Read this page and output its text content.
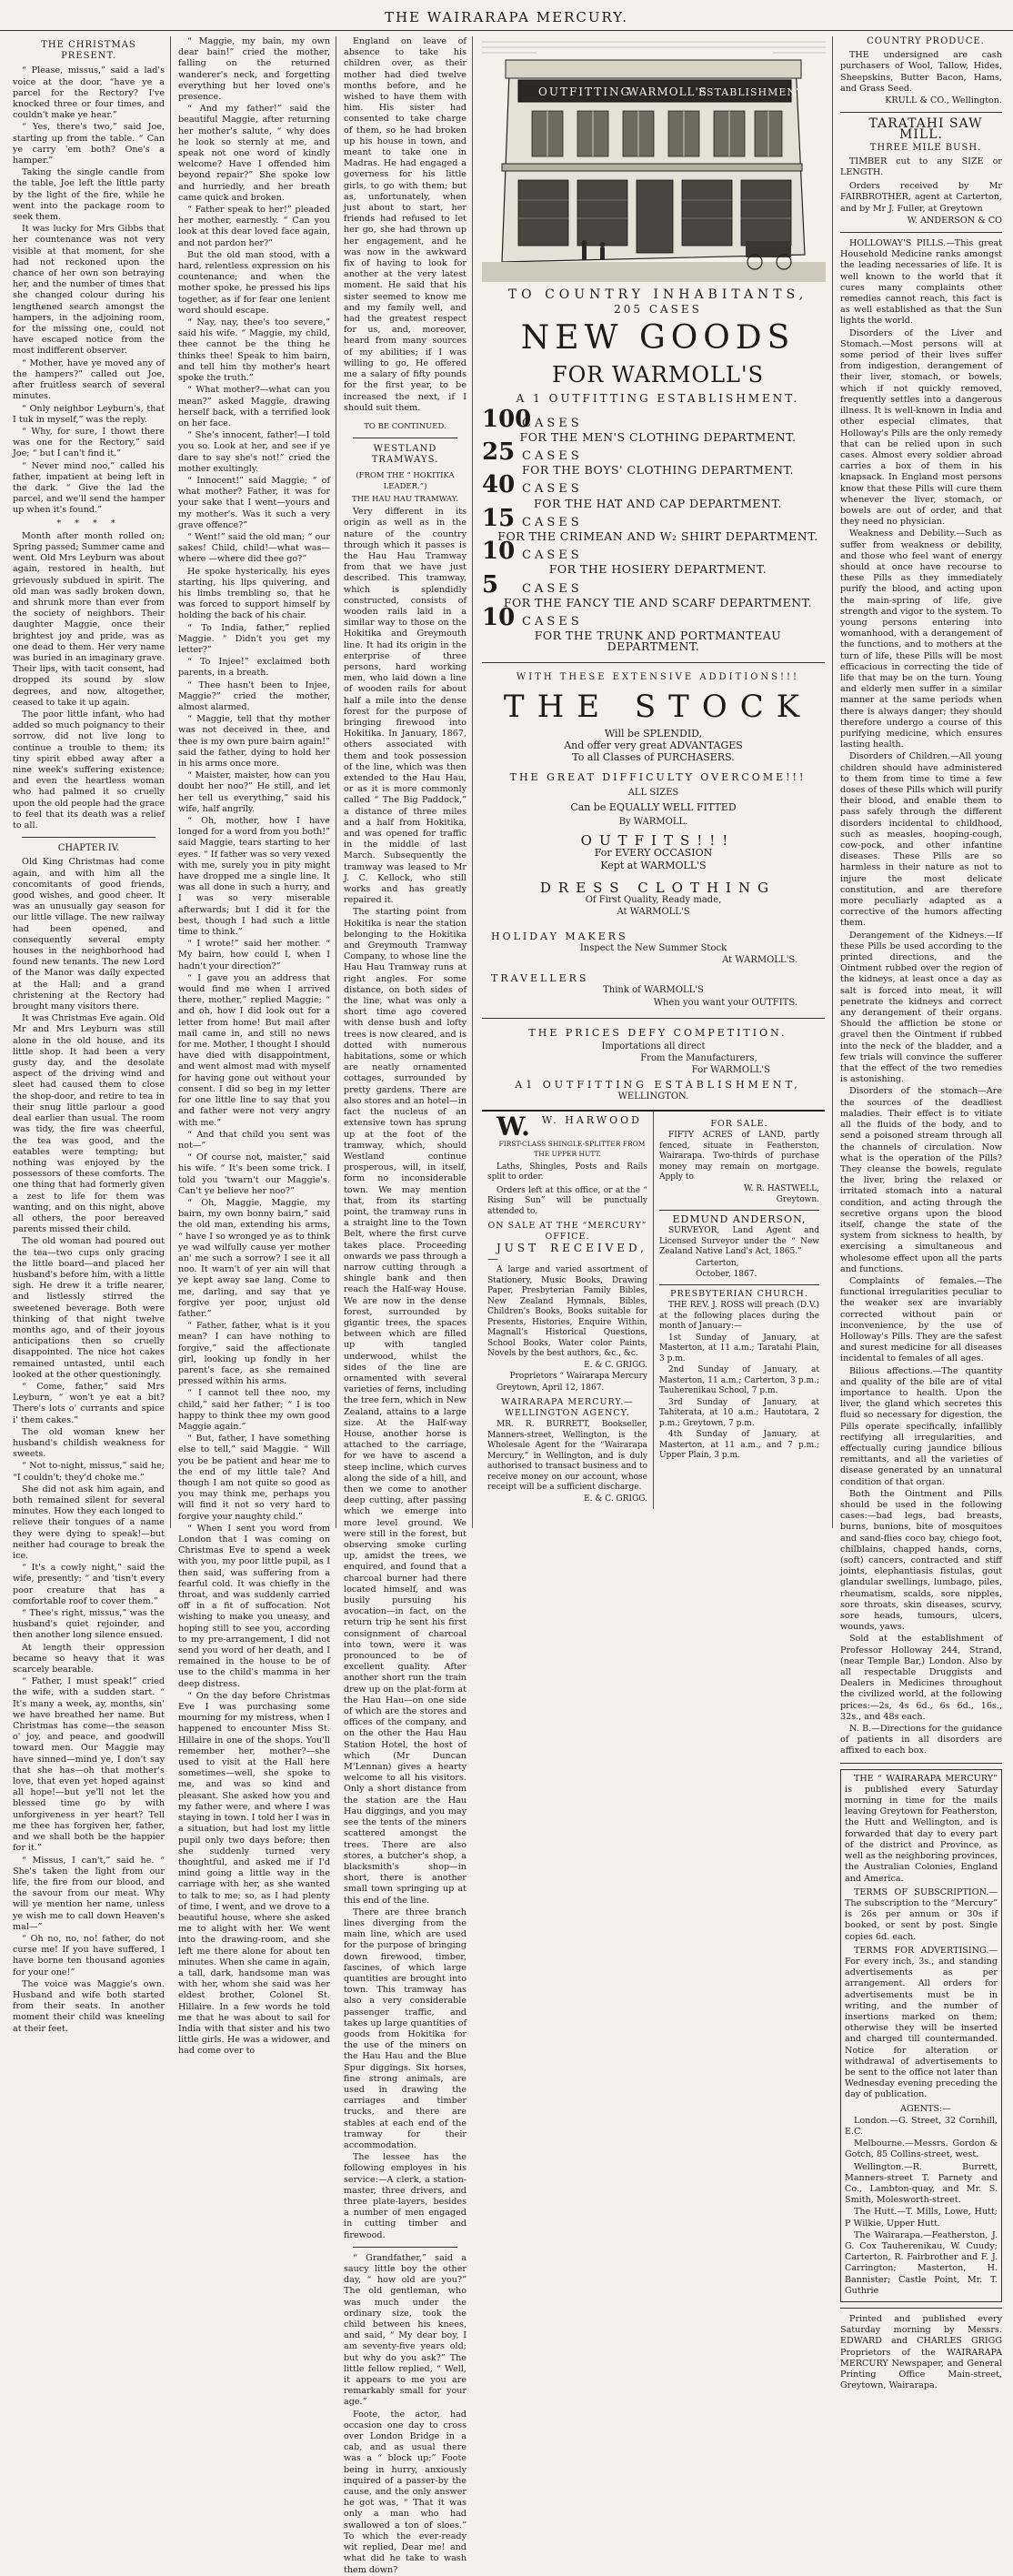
THE WAIRARAPA MERCURY.
THE CHRISTMAS PRESENT.

“ Please, missus,” said a lad's voice at the door, “have ye a parcel for the Rectory? I've knocked three or four times, and couldn't make ye hear.”

“ Yes, there's two,” said Joe, starting up from the table. “ Can ye carry 'em both? One's a hamper.”

Taking the single candle from the table, Joe left the little party by the light of the fire, while he went into the package room to seek them.

It was lucky for Mrs Gibbs that her countenance was not very visible at that moment, for she had not reckoned upon the chance of her own son betraying her, and the number of times that she changed colour during his lengthened search amongst the hampers, in the adjoining room, for the missing one, could not have escaped notice from the most indifferent observer.

“ Mother, have ye moved any of the hampers?” called out Joe, after fruitless search of several minutes.

“ Only neighbor Leyburn's, that I tuk in myself,” was the reply.

“ Why, for sure, I thowt there was one for the Rectory,” said Joe; “ but I can't find it.”

“ Never mind noo,” called his father, impatient at being left in the dark. “ Give the lad the parcel, and we'll send the hamper up when it's found.”

* * * *

Month after month rolled on; Spring passed; Summer came and went. Old Mrs Leyburn was about again, restored in health, but grievously subdued in spirit. The old man was sadly broken down, and shrunk more than ever from the society of neighbors. Their daughter Maggie, once their brightest joy and pride, was as one dead to them. Her very name was buried in an imaginary grave. Their lips, with tacit consent, had dropped its sound by slow degrees, and now, altogether, ceased to take it up again.

The poor little infant, who had added so much poignancy to their sorrow, did not live long to continue a trouble to them; its tiny spirit ebbed away after a nine week's suffering existence; and even the heartless woman who had palmed it so cruelly upon the old people had the grace to feel that its death was a relief to all.

CHAPTER IV.

Old King Christmas had come again, and with him all the concomitants of good friends, good wishes, and good cheer. It was an unusually gay season for our little village. The new railway had been opened, and consequently several empty houses in the neighborhood had found new tenants. The new Lord of the Manor was daily expected at the Hall; and a grand christening at the Rectory had brought many visitors there.

It was Christmas Eve again. Old Mr and Mrs Leyburn was still alone in the old house, and its little shop. It had been a very gusty day, and the desolate aspect of the driving wind and sleet had caused them to close the shop-door, and retire to tea in their snug little parlour a good deal earlier than usual. The room was tidy, the fire was cheerful, the tea was good, and the eatables were tempting; but nothing was enjoyed by the possessors of these comforts. The one thing that had formerly given a zest to life for them was wanting, and on this night, above all others, the poor bereaved parents missed their child.

The old woman had poured out the tea—two cups only gracing the little board—and placed her husband's before him, with a little sigh. He drew it a trifle nearer, and listlessly stirred the sweetened beverage. Both were thinking of that night twelve months ago, and of their joyous anticipations then so cruelly disappointed. The nice hot cakes remained untasted, until each looked at the other questioningly.

“ Come, father,” said Mrs Leyburn, “ won't ye eat a bit? There's lots o' currants and spice i' them cakes.”

The old woman knew her husband's childish weakness for sweets.

“ Not to-night, missus,” said he; “I couldn't; they'd choke me.”

She did not ask him again, and both remained silent for several minutes. How they each longed to relieve their tongues of a name they were dying to speak!—but neither had courage to break the ice.

“ It's a cowly night,” said the wife, presently; “ and 'tisn't every poor creature that has a comfortable roof to cover them.”

“ Thee's right, missus,” was the husband's quiet rejoinder, and then another long silence ensued.

At length their oppression became so heavy that it was scarcely bearable.

“ Father, I must speak!” cried the wife, with a sudden start. “ It's many a week, ay, months, sin' we have breathed her name. But Christmas has come—the season o' joy, and peace, and goodwill toward men. Our Maggie may have sinned—mind ye, I don't say that she has—oh that mother's love, that even yet hoped against all hope!—but ye'll not let the blessed time go by with unforgiveness in yer heart? Tell me thee has forgiven her, father, and we shall both be the happier for it.”

“ Missus, I can't,” said he. “ She's taken the light from our life, the fire from our blood, and the savour from our meat. Why will ye mention her name, unless ye wish me to call down Heaven's mal—”

“ Oh no, no, no! father, do not curse me! If you have suffered, I have borne ten thousand agonies for your one!”

The voice was Maggie's own. Husband and wife both started from their seats. In another moment their child was kneeling at their feet.

“ Maggie, my bain, my own dear bain!” cried the mother, falling on the returned wanderer's neck, and forgetting everything but her loved one's presence.

“ And my father!” said the beautiful Maggie, after returning her mother's salute, “ why does he look so sternly at me, and speak not one word of kindly welcome? Have I offended him beyond repair?” She spoke low and hurriedly, and her breath came quick and broken.

“ Father speak to her!” pleaded her mother, earnestly. “ Can you look at this dear loved face again, and not pardon her?”

But the old man stood, with a hard, relentless expression on his countenance; and when the mother spoke, he pressed his lips together, as if for fear one lenient word should escape.

“ Nay, nay, thee's too severe,” said his wife. “ Maggie, my child, thee cannot be the thing he thinks thee! Speak to him bairn, and tell him thy mother's heart spoke the truth.”

“ What mother?—what can you mean?” asked Maggie, drawing herself back, with a terrified look on her face.

“ She's innocent, father!—I told you so. Look at her, and see if ye dare to say she's not!” cried the mother exultingly.

“ Innocent!” said Maggie; “ of what mother? Father, it was for your sake that I went—yours and my mother's. Was it such a very grave offence?”

“ Went!” said the old man; “ our sakes! Child, child!—what was—where —where did thee go?”

He spoke hysterically, his eyes starting, his lips quivering, and his limbs trembling so, that he was forced to support himself by holding the back of his chair.

“ To India, father,” replied Maggie. “ Didn't you get my letter?”

“ To Injee!” exclaimed both parents, in a breath.

“ Thee hasn't been to Injee, Maggie?” cried the mother, almost alarmed.

“ Maggie, tell that thy mother was not deceived in thee, and thee is my own pure bairn again!” said the father, dying to hold her in his arms once more.

“ Maister, maister, how can you doubt her noo?” He still, and let her tell us everything,” said his wife, half angrily.

“ Oh, mother, how I have longed for a word from you both!” said Maggie, tears starting to her eyes. “ If father was so very vexed with me, surely you in pity might have dropped me a single line. It was all done in such a hurry, and I was so very miserable afterwards; but I did it for the best, though I had such a little time to think.”

“ I wrote!” said her mother. “ My bairn, how could I, when I hadn't your direction?”

“ I gave you an address that would find me when I arrived there, mother,” replied Maggie; “ and oh, how I did look out for a letter from home! But mail after mail came in, and still no news for me. Mother, I thought I should have died with disappointment, and went almost mad with myself for having gone out without your consent. I did so beg in my letter for one little line to say that you and father were not very angry with me.”

“ And that child you sent was not—”

“ Of course not, maister,” said his wife. “ It's been some trick. I told you 'twarn't our Maggie's. Can't ye believe her noo?”

“ Oh, Maggie, Maggie, my bairn, my own bonny bairn,” said the old man, extending his arms, “ have I so wronged ye as to think ye wad wilfully cause yer mother an' me such a sorrow? I see it all noo. It warn't of yer ain will that ye kept away sae lang. Come to me, darling, and say that ye forgive yer poor, unjust old father.”

“ Father, father, what is it you mean? I can have nothing to forgive,” said the affectionate girl, looking up fondly in her parent's face, as she remained pressed within his arms.

“ I cannot tell thee noo, my child,” said her father; “ I is too happy to think thee my own good Maggie again.”

“ But, father, I have something else to tell,” said Maggie. “ Will you be be patient and hear me to the end of my little tale? And though I am not quite so good as you may think me, perhaps you will find it not so very hard to forgive your naughty child.”

“ When I sent you word from London that I was coming on Christmas Eve to spend a week with you, my poor little pupil, as I then said, was suffering from a fearful cold. It was chiefly in the throat, and was suddenly carried off in a fit of suffocation. Not wishing to make you uneasy, and hoping still to see you, according to my pre-arrangement, I did not send you word of her death, and I remained in the house to be of use to the child's mamma in her deep distress.

“ On the day before Christmas Eve I was purchasing some mourning for my mistress, when I happened to encounter Miss St. Hillaire in one of the shops. You'll remember her, mother?—she used to visit at the Hall here sometimes—well, she spoke to me, and was so kind and pleasant. She asked how you and my father were, and where I was staying in town. I told her I was in a situation, but had lost my little pupil only two days before; then she suddenly turned very thoughtful, and asked me if I'd mind going a little way in the carriage with her, as she wanted to talk to me; so, as I had plenty of time, I went, and we drove to a beautiful house, where she asked me to alight with her. We went into the drawing-room, and she left me there alone for about ten minutes. When she came in again, a tall, dark, handsome man was with her, whom she said was her eldest brother, Colonel St. Hillaire. In a few words he told me that he was about to sail for India with that sister and his two little girls. He was a widower, and had come over to

England on leave of absence to take his children over, as their mother had died twelve months before, and he wished to have them with him. His sister had consented to take charge of them, so he had broken up his house in town, and meant to take one in Madras. He had engaged a governess for his little girls, to go with them; but as, unfortunately, when just about to start, her friends had refused to let her go, she had thrown up her engagement, and he was now in the awkward fix of having to look for another at the very latest moment. He said that his sister seemed to know me and my family well, and had the greatest respect for us, and, moreover, heard from many sources of my abilities; if I was willing to go, He offered me a salary of fifty pounds for the first year, to be increased the next, if I should suit them.

TO BE CONTINUED.

WESTLAND TRAMWAYS.

(FROM THE “ HOKITIKA LEADER.”)

THE HAU HAU TRAMWAY.

Very different in its origin as well as in the nature of the country through which it passes is the Hau Hau Tramway from that we have just described. This tramway, which is splendidly constructed, consists of wooden rails laid in a similar way to those on the Hokitika and Greymouth line. It had its origin in the enterprise of three persons, hard working men, who laid down a line of wooden rails for about half a mile into the dense forest for the purpose of bringing firewood into Hokitika. In January, 1867, others associated with them and took possession of the line, which was then extended to the Hau Hau, or as it is more commonly called “ The Big Paddock,” a distance of three miles and a half from Hokitika, and was opened for traffic in the middle of last March. Subsequently the tramway was leased to Mr J. C. Kellock, who still works and has greatly repaired it.

The starting point from Hokitika is near the station belonging to the Hokitika and Greymouth Tramway Company, to whose line the Hau Hau Tramway runs at right angles. For some distance, on both sides of the line, what was only a short time ago covered with dense bush and lofty trees is now cleared, and is dotted with numerous habitations, some or which are neatly ornamented cottages, surrounded by pretty gardens. There are also stores and an hotel—in fact the nucleus of an extensive town has sprung up at the foot of the tramway, which, should Westland continue prosperous, will, in itself, form no inconsiderable town. We may mention that, from its starting point, the tramway runs in a straight line to the Town Belt, where the first curve takes place. Proceeding onwards we pass through a narrow cutting through a shingle bank and then reach the Half-way House. We are now in the dense forest, surrounded by gigantic trees, the spaces between which are filled up with tangled underwood, whilst the sides of the line are ornamented with several varieties of ferns, including the tree fern, which in New Zealand, attains to a large size. At the Half-way House, another horse is attached to the carriage, for we have to ascend a steep incline, which curves along the side of a hill, and then we come to another deep cutting, after passing which we emerge into more level ground. We were still in the forest, but observing smoke curling up, amidst the trees, we enquired, and found that a charcoal burner had there located himself, and was busily pursuing his avocation—in fact, on the return trip he sent his first consignment of charcoal into town, were it was pronounced to be of excellent quality. After another short run the train drew up on the plat-form at the Hau Hau—on one side of which are the stores and offices of the company, and on the other the Hau Hau Station Hotel, the host of which (Mr Duncan M'Lennan) gives a hearty welcome to all his visitors. Only a short distance from the station are the Hau Hau diggings, and you may see the tents of the miners scattered amongst the trees. There are also stores, a butcher's shop, a blacksmith's shop—in short, there is another small town springing up at this end of the line.

There are three branch lines diverging from the main line, which are used for the purpose of bringing down firewood, timber, fascines, of which large quantities are brought into town. This tramway has also a very considerable passenger traffic, and takes up large quantities of goods from Hokitika for the use of the miners on the Hau Hau and the Blue Spur diggings. Six horses, fine strong animals, are used in drawing the carriages and timber trucks, and there are stables at each end of the tramway for their accommodation.

The lessee has the following employes in his service:—A clerk, a station-master, three drivers, and three plate-layers, besides a number of men engaged in cutting timber and firewood.

“ Grandfather,” said a saucy little boy the other day, “ how old are you?” The old gentleman, who was much under the ordinary size, took the child between his knees, and said, “ My dear boy, I am seventy-five years old; but why do you ask?” The little fellow replied, “ Well, it appears to me you are remarkably small for your age.”

Foote, the actor, had occasion one day to cross over London Bridge in a cab, and as usual there was a “ block up;” Foote being in hurry, anxiously inquired of a passer-by the cause, and the only answer he got was, “ That it was only a man who had swallowed a ton of sloes.” To which the ever-ready wit replied, Dear me! and what did he take to wash them down?

OUTFITTING
WARMOLL'S
ESTABLISHMENT

TO COUNTRY INHABITANTS,

205 CASES

NEW GOODS

FOR WARMOLL'S

A 1 OUTFITTING ESTABLISHMENT.

100
CASES

FOR THE MEN'S CLOTHING DEPARTMENT.

25 CASES

FOR THE BOYS' CLOTHING DEPARTMENT.

40 CASES

FOR THE HAT AND CAP DEPARTMENT.

15 CASES

FOR THE CRIMEAN AND W₂ SHIRT DEPARTMENT.

10 CASES

FOR THE HOSIERY DEPARTMENT.

5	CASES

FOR THE FANCY TIE AND SCARF DEPARTMENT.

10 CASES

FOR THE TRUNK AND PORTMANTEAU DEPARTMENT.

WITH THESE EXTENSIVE ADDITIONS!!!

THE STOCK

Will be SPLENDID,

And offer very great ADVANTAGES

To all Classes of PURCHASERS.

THE GREAT DIFFICULTY OVERCOME!!!

ALL SIZES

Can be EQUALLY WELL FITTED

By WARMOLL.

OUTFITS!!!

For EVERY OCCASION

Kept at WARMOLL'S

DRESS CLOTHING

Of First Quality, Ready made,

At WARMOLL'S

HOLIDAY MAKERS

Inspect the New Summer Stock

At WARMOLL'S.

TRAVELLERS

Think of WARMOLL'S

When you want your OUTFITS.

THE PRICES DEFY COMPETITION.

Importations all direct

From the Manufacturers,

For WARMOLL'S

A1 OUTFITTING ESTABLISHMENT,

WELLINGTON.

W. W. HARWOOD

FIRST-CLASS SHINGLE-SPLITTER FROM THE UPPER HUTT.

Laths, Shingles, Posts and Rails split to order.

Orders left at this office, or at the “ Rising Sun” will be punctually attended to.

ON SALE AT THE “MERCURY” OFFICE.

JUST RECEIVED,—

A large and varied assortment of Stationery, Music Books, Drawing Paper, Presbyterian Family Bibles, New Zealand Hymnals, Bibles, Children's Books, Books suitable for Presents, Histories, Enquire Within, Magnall's Historical Questions, School Books, Water color Paints, Novels by the best authors, &c., &c.

E. & C. GRIGG.

Proprietors “ Wairarapa Mercury

Greytown, April 12, 1867.

WAIRARAPA MERCURY.—WELLINGTON AGENCY.

MR. R. BURRETT, Bookseller, Manners-street, Wellington, is the Wholesale Agent for the “Wairarapa Mercury,” in Wellington, and is duly authorised to transact business and to receive money on our account, whose receipt will be a sufficient discharge.

E. & C. GRIGG.

FOR SALE.

FIFTY ACRES of LAND, partly fenced, situate in Featherston, Wairarapa. Two-thirds of purchase money may remain on mortgage. Apply to

W. R. HASTWELL,

Greytown.

EDMUND ANDERSON,

SURVEYOR, Land Agent and Licensed Surveyor under the “ New Zealand Native Land's Act, 1865.”

Carterton,

October, 1867.

PRESBYTERIAN CHURCH.

THE REV. J. ROSS will preach (D.V.) at the following places during the month of January:—

1st Sunday of January, at Masterton, at 11 a.m.; Taratahi Plain, 3 p.m.

2nd Sunday of January, at Masterton, 11 a.m.; Carterton, 3 p.m.; Tauherenikau School, 7 p.m.

3rd Sunday of January, at Tahiterata, at 10 a.m.; Hautotara, 2 p.m.; Greytown, 7 p.m.

4th Sunday of January, at Masterton, at 11 a.m., and 7 p.m.; Upper Plain, 3 p.m.

COUNTRY PRODUCE.

THE undersigned are cash purchasers of Wool, Tallow, Hides, Sheepskins, Butter Bacon, Hams, and Grass Seed.

KRULL & CO., Wellington.

TARATAHI SAW MILL.

THREE MILE BUSH.

TIMBER cut to any SIZE or LENGTH.

Orders received by Mr FAIRBROTHER, agent at Carterton, and by Mr J. Fuller, at Greytown

W. ANDERSON & CO

HOLLOWAY'S PILLS.—This great Household Medicine ranks amongst the leading necessaries of life. It is well known to the world that it cures many complaints other remedies cannot reach, this fact is as well established as that the Sun lights the world.

Disorders of the Liver and Stomach.—Most persons will at some period of their lives suffer from indigestion, derangement of their liver, stomach, or bowels, which if not quickly removed, frequently settles into a dangerous illness. It is well-known in India and other especial climates, that Holloway's Pills are the only remedy that can be relied upon in such cases. Almost every soldier abroad carries a box of them in his knapsack. In England most persons know that these Pills will cure them whenever the liver, stomach, or bowels are out of order, and that they need no physician.

Weakness and Debility.—Such as suffer from weakness or debility, and those who feel want of energy should at once have recourse to these Pills as they immediately purify the blood, and acting upon the main-spring of life, give strength and vigor to the system. To young persons entering into womanhood, with a derangement of the functions, and to mothers at the turn of life, these Pills will be most efficacious in correcting the tide of life that may be on the turn. Young and elderly men suffer in a similar manner at the same periods when there is always danger; they should therefore undergo a course of this purifying medicine, which ensures lasting health.

Disorders of Children.—All young children should have administered to them from time to time a few doses of these Pills which will purify their blood, and enable them to pass safely through the different disorders incidental to childhood, such as measles, hooping-cough, cow-pock, and other infantine diseases. These Pills are so harmless in their nature as not to injure the most delicate constitution, and are therefore more peculiarly adapted as a corrective of the humors affecting them.

Derangement of the Kidneys.—If these Pills be used according to the printed directions, and the Ointment rubbed over the region of the kidneys, at least once a day as salt is forced into meat, it will penetrate the kidneys and correct any derangement of their organs. Should the affliction be stone or gravel then the Ointment if rubbed into the neck of the bladder, and a few trials will convince the sufferer that the effect of the two remedies is astonishing.

Disorders of the stomach—Are the sources of the deadliest maladies. Their effect is to vitiate all the fluids of the body, and to send a poisoned stream through all the channels of circulation. Now what is the operation of the Pills? They cleanse the bowels, regulate the liver, bring the relaxed or irritated stomach into a natural condition, and acting through the secretive organs upon the blood itself, change the state of the system from sickness to health, by exercising a simultaneous and wholesome effect upon all the parts and functions.

Complaints of females.—The functional irregularities peculiar to the weaker sex are invariably corrected without pain or inconvenience, by the use of Holloway's Pills. They are the safest and surest medicine for all diseases incidental to females of all ages.

Bilious affections.—The quantity and quality of the bile are of vital importance to health. Upon the liver, the gland which secretes this fluid so necessary for digestion, the Pills operate specifically, infallibly rectifying all irregularities, and effectually curing jaundice bilious remittants, and all the varieties of disease generated by an unnatural condition of that organ.

Both the Ointment and Pills should be used in the following cases:—bad legs, bad breasts, burns, bunions, bite of mosquitoes and sand-flies coco bay, chiego foot, chilblains, chapped hands, corns, (soft) cancers, contracted and stiff joints, elephantiasis fistulas, gout glandular swellings, lumbago, piles, rheumatism, scalds, sore nipples, sore throats, skin diseases, scurvy, sore heads, tumours, ulcers, wounds, yaws.

Sold at the establishment of Professor Holloway 244, Strand, (near Temple Bar,) London. Also by all respectable Druggists and Dealers in Medicines throughout the civilized world, at the following prices:—2s, 4s 6d., 6s 6d., 16s., 32s., and 48s each.

N. B.—Directions for the guidance of patients in all disorders are affixed to each box.

THE “ WAIRARAPA MERCURY” is published every Saturday morning in time for the mails leaving Greytown for Featherston, the Hutt and Wellington, and is forwarded that day to every part of the district and Province, as well as the neighboring provinces, the Australian Colonies, England and America.

TERMS OF SUBSCRIPTION.—The subscription to the “Mercury” is 26s per annum or 30s if booked, or sent by post. Single copies 6d. each.

TERMS FOR ADVERTISING.—For every inch, 3s., and standing advertisements as per arrangement. All orders for advertisements must be in writing, and the number of insertions marked on them; otherwise they will be inserted and charged till countermanded. Notice for alteration or withdrawal of advertisements to be sent to the office not later than Wednesday evening preceding the day of publication.

AGENTS:—

London.—G. Street, 32 Cornhill, E.C.

Melbourne.—Messrs. Gordon & Gotch, 85 Collins-street, west.

Wellington.—R. Burrett, Manners-street T. Parnety and Co., Lambton-quay, and Mr. S. Smith, Molesworth-street.

The Hutt.—T. Mills, Lowe, Hutt; P Wilkie, Upper Hutt.

The Wairarapa.—Featherston, J. G. Cox Tauherenikau, W. Cuudy; Carterton, R. Fairbrother and F. J. Carrington; Masterton, H. Bannister; Castle Point, Mr. T. Guthrie

Printed and published every Saturday morning by Messrs. EDWARD and CHARLES GRIGG Proprietors of the WAIRARAPA MERCURY Newspaper, and General Printing Office Main-street, Greytown, Wairarapa.
